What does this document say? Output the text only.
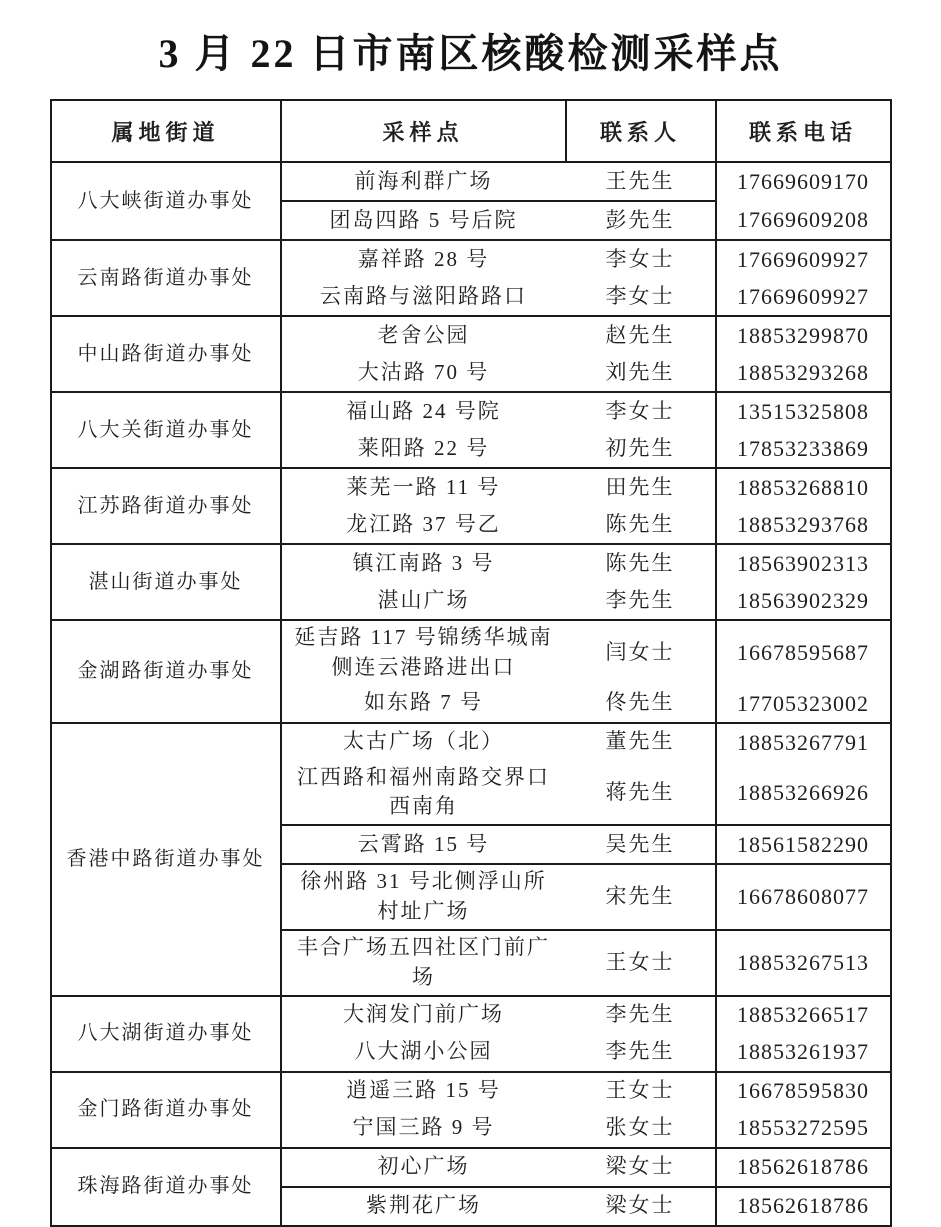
3 月 22 日市南区核酸检测采样点
属地街道	采样点	联系人	联系电话
八大峡街道办事处	前海利群广场	王先生	17669609170
	团岛四路 5 号后院	彭先生	17669609208
云南路街道办事处	嘉祥路 28 号	李女士	17669609927
	云南路与滋阳路路口	李女士	17669609927
中山路街道办事处	老舍公园	赵先生	18853299870
	大沽路 70 号	刘先生	18853293268
八大关街道办事处	福山路 24 号院	李女士	13515325808
	莱阳路 22 号	初先生	17853233869
江苏路街道办事处	莱芜一路 11 号	田先生	18853268810
	龙江路 37 号乙	陈先生	18853293768
湛山街道办事处	镇江南路 3 号	陈先生	18563902313
	湛山广场	李先生	18563902329
金湖路街道办事处	延吉路 117 号锦绣华城南侧连云港路进出口	闫女士	16678595687
	如东路 7 号	佟先生	17705323002
香港中路街道办事处	太古广场（北）	董先生	18853267791
	江西路和福州南路交界口西南角	蒋先生	18853266926
	云霄路 15 号	吴先生	18561582290
	徐州路 31 号北侧浮山所村址广场	宋先生	16678608077
	丰合广场五四社区门前广场	王女士	18853267513
八大湖街道办事处	大润发门前广场	李先生	18853266517
	八大湖小公园	李先生	18853261937
金门路街道办事处	逍遥三路 15 号	王女士	16678595830
	宁国三路 9 号	张女士	18553272595
珠海路街道办事处	初心广场	梁女士	18562618786
	紫荆花广场	梁女士	18562618786
